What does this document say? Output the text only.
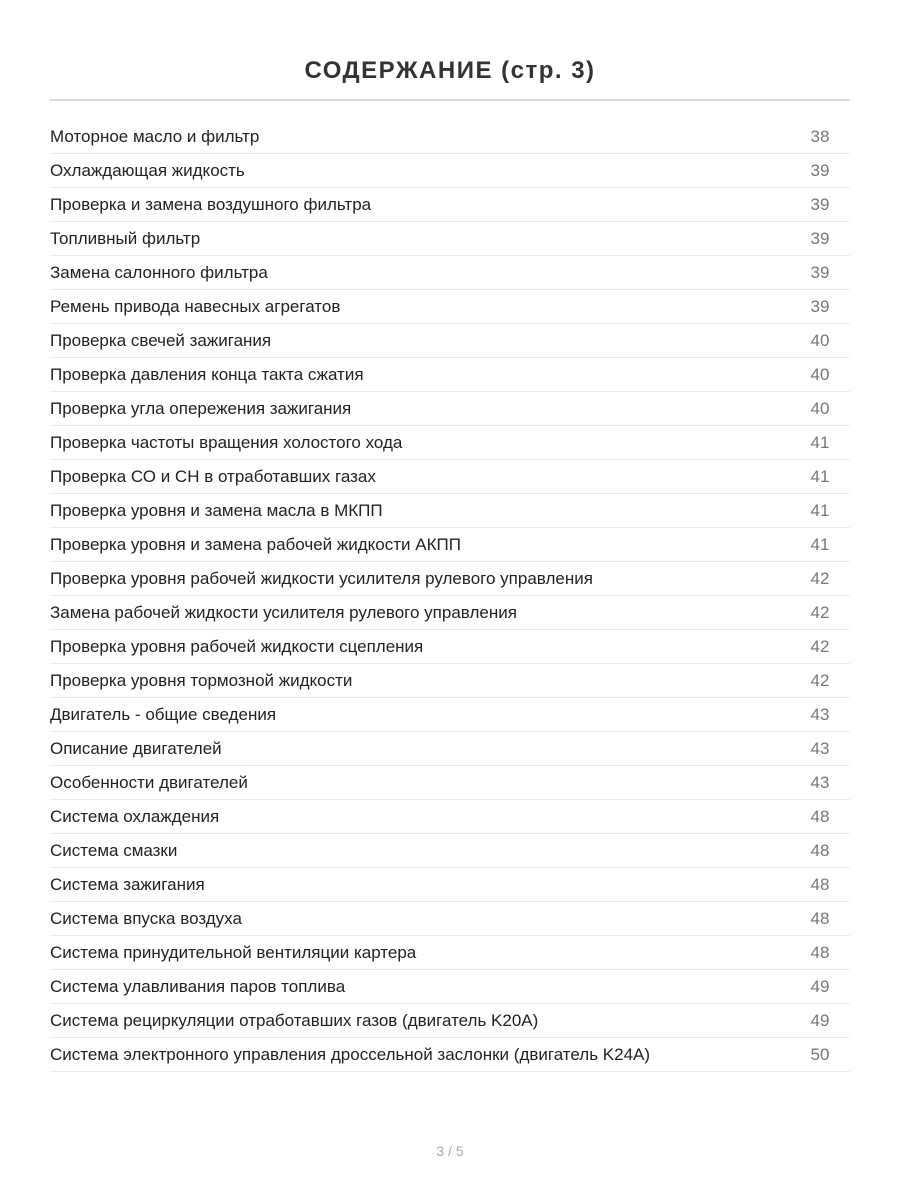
СОДЕРЖАНИЕ (стр. 3)
Моторное масло и фильтр	38
Охлаждающая жидкость	39
Проверка и замена воздушного фильтра	39
Топливный фильтр	39
Замена салонного фильтра	39
Ремень привода навесных агрегатов	39
Проверка свечей зажигания	40
Проверка давления конца такта сжатия	40
Проверка угла опережения зажигания	40
Проверка частоты вращения холостого хода	41
Проверка СО и СН в отработавших газах	41
Проверка уровня и замена масла в МКПП	41
Проверка уровня и замена рабочей жидкости АКПП	41
Проверка уровня рабочей жидкости усилителя рулевого управления	42
Замена рабочей жидкости усилителя рулевого управления	42
Проверка уровня рабочей жидкости сцепления	42
Проверка уровня тормозной жидкости	42
Двигатель - общие сведения	43
Описание двигателей	43
Особенности двигателей	43
Система охлаждения	48
Система смазки	48
Система зажигания	48
Система впуска воздуха	48
Система принудительной вентиляции картера	48
Система улавливания паров топлива	49
Система рециркуляции отработавших газов (двигатель K20A)	49
Система электронного управления дроссельной заслонки (двигатель K24A)	50
3 / 5
